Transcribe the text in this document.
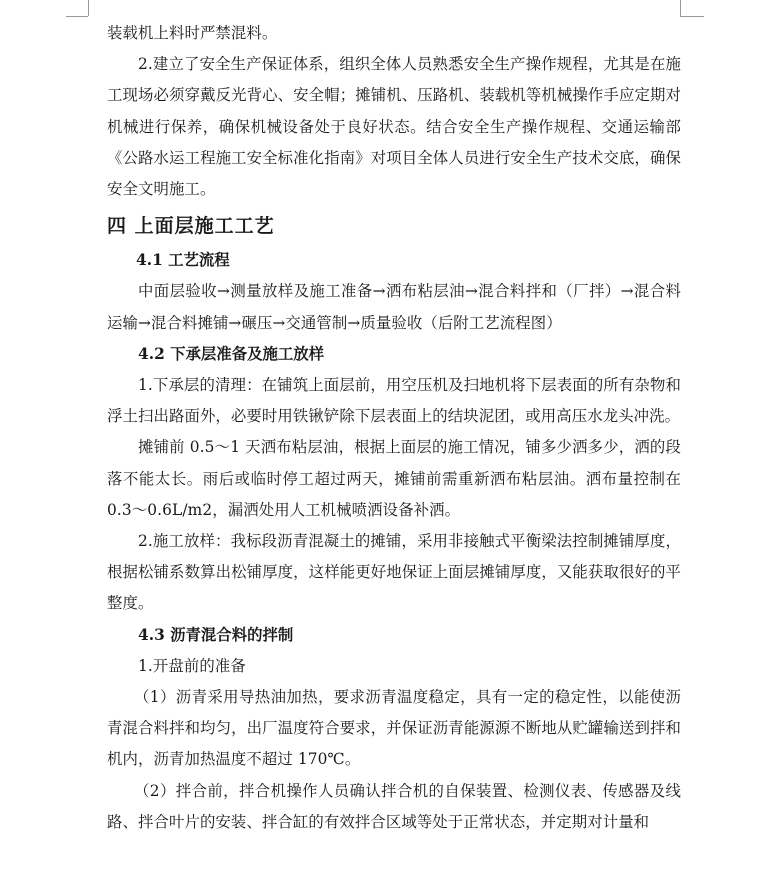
装载机上料时严禁混料。

2.建立了安全生产保证体系，组织全体人员熟悉安全生产操作规程，尤其是在施工现场必须穿戴反光背心、安全帽；摊铺机、压路机、装载机等机械操作手应定期对机械进行保养，确保机械设备处于良好状态。结合安全生产操作规程、交通运输部《公路水运工程施工安全标准化指南》对项目全体人员进行安全生产技术交底，确保安全文明施工。

四 上面层施工工艺
4.1 工艺流程

中面层验收→测量放样及施工准备→洒布粘层油→混合料拌和（厂拌）→混合料运输→混合料摊铺→碾压→交通管制→质量验收（后附工艺流程图）

4.2 下承层准备及施工放样

1.下承层的清理：在铺筑上面层前，用空压机及扫地机将下层表面的所有杂物和浮土扫出路面外，必要时用铁锹铲除下层表面上的结块泥团，或用高压水龙头冲洗。

摊铺前 0.5～1 天洒布粘层油，根据上面层的施工情况，铺多少洒多少，洒的段落不能太长。雨后或临时停工超过两天，摊铺前需重新洒布粘层油。洒布量控制在 0.3～0.6L/m2，漏洒处用人工机械喷洒设备补洒。

2.施工放样：我标段沥青混凝土的摊铺，采用非接触式平衡梁法控制摊铺厚度，根据松铺系数算出松铺厚度，这样能更好地保证上面层摊铺厚度，又能获取很好的平整度。

4.3 沥青混合料的拌制

1.开盘前的准备

（1）沥青采用导热油加热，要求沥青温度稳定，具有一定的稳定性，以能使沥青混合料拌和均匀，出厂温度符合要求，并保证沥青能源源不断地从贮罐输送到拌和机内，沥青加热温度不超过 170℃。

（2）拌合前，拌合机操作人员确认拌合机的自保装置、检测仪表、传感器及线路、拌合叶片的安装、拌合缸的有效拌合区域等处于正常状态，并定期对计量和
